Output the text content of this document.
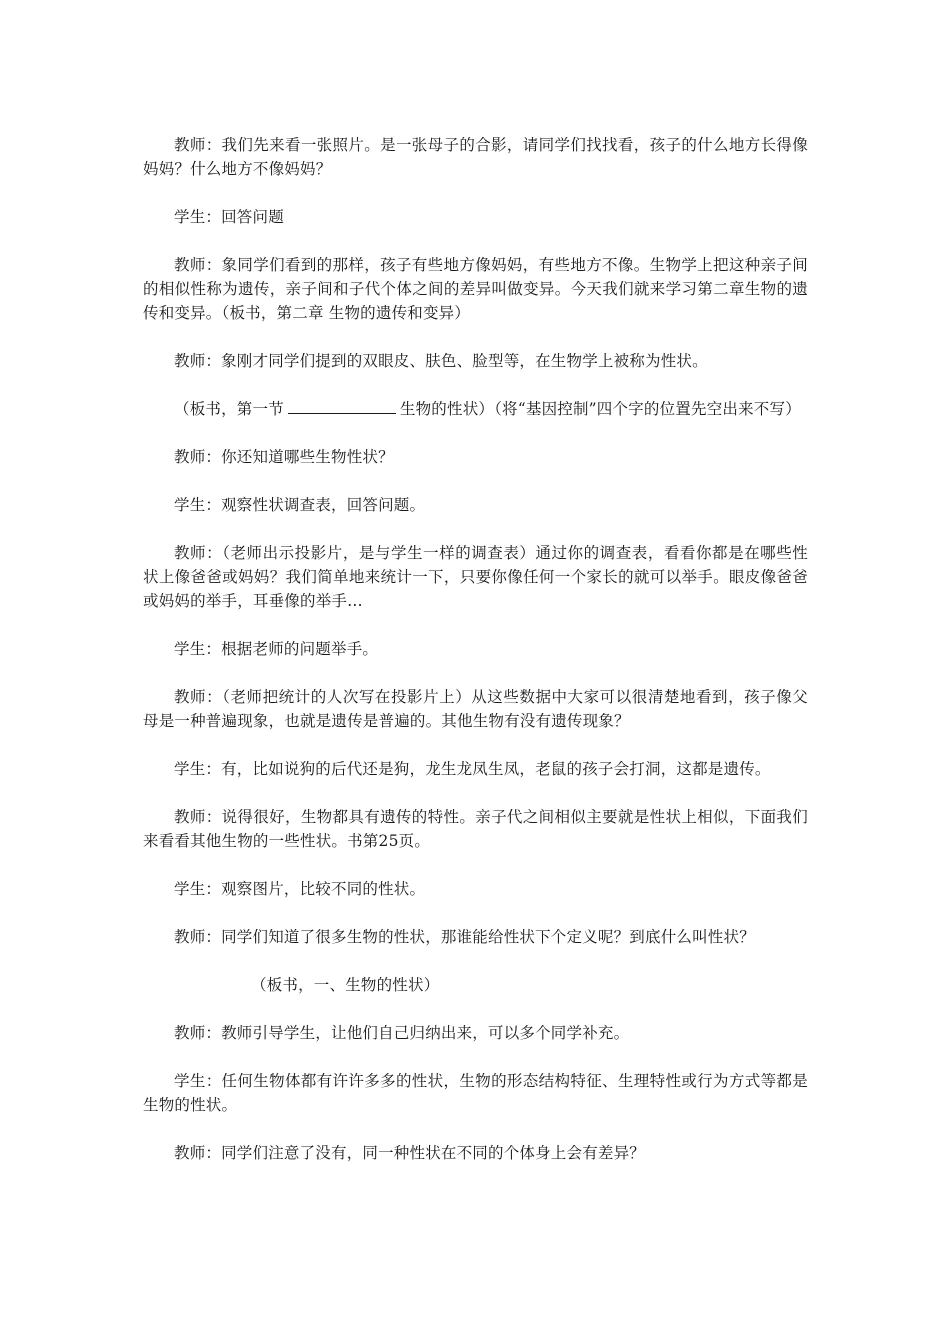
教师：我们先来看一张照片。是一张母子的合影，请同学们找找看，孩子的什么地方长得像妈妈？什么地方不像妈妈？

学生：回答问题

教师：象同学们看到的那样，孩子有些地方像妈妈，有些地方不像。生物学上把这种亲子间的相似性称为遗传，亲子间和子代个体之间的差异叫做变异。今天我们就来学习第二章生物的遗传和变异。（板书，第二章 生物的遗传和变异）

教师：象刚才同学们提到的双眼皮、肤色、脸型等，在生物学上被称为性状。

（板书，第一节	生物的性状）（将“基因控制”四个字的位置先空出来不写）

教师：你还知道哪些生物性状？

学生：观察性状调查表，回答问题。

教师：（老师出示投影片，是与学生一样的调查表）通过你的调查表，看看你都是在哪些性状上像爸爸或妈妈？我们简单地来统计一下，只要你像任何一个家长的就可以举手。眼皮像爸爸或妈妈的举手，耳垂像的举手…

学生：根据老师的问题举手。

教师：（老师把统计的人次写在投影片上）从这些数据中大家可以很清楚地看到，孩子像父母是一种普遍现象，也就是遗传是普遍的。其他生物有没有遗传现象？

学生：有，比如说狗的后代还是狗，龙生龙凤生凤，老鼠的孩子会打洞，这都是遗传。

教师：说得很好，生物都具有遗传的特性。亲子代之间相似主要就是性状上相似，下面我们来看看其他生物的一些性状。书第25页。

学生：观察图片，比较不同的性状。

教师：同学们知道了很多生物的性状，那谁能给性状下个定义呢？到底什么叫性状？

（板书，一、生物的性状）

教师：教师引导学生，让他们自己归纳出来，可以多个同学补充。

学生：任何生物体都有许许多多的性状，生物的形态结构特征、生理特性或行为方式等都是生物的性状。

教师：同学们注意了没有，同一种性状在不同的个体身上会有差异？
